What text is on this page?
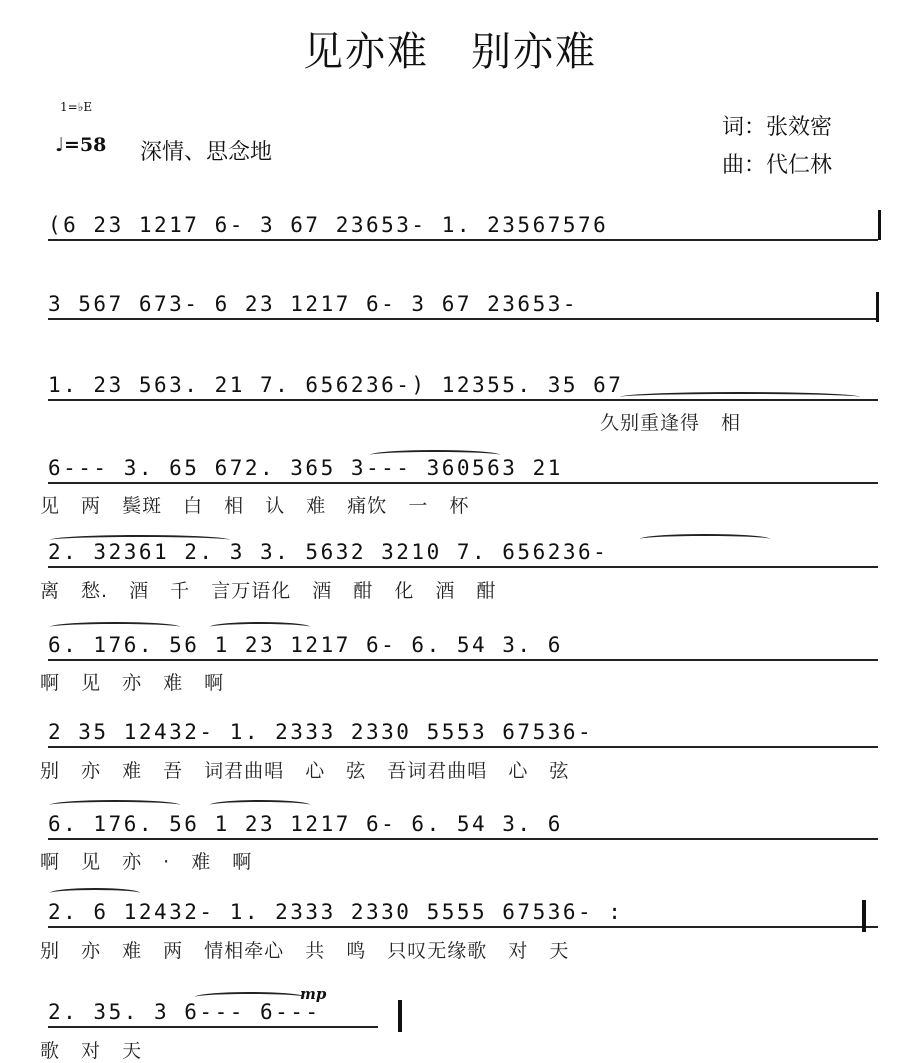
见亦难　别亦难
1=♭E
♩=58 深情、思念地
词：张效密
曲：代仁林
mp
(6 23 1217 6- 3 67 23653- 1. 23567576
3 567 673- 6 23 1217 6- 3 67 23653-
1. 23 563. 21 7. 656236-) 12355. 35 67
久别重逢得 相
6--- 3. 65 672. 365 3--- 360563 21
见 两 鬓斑 白 相 认 难 痛饮 一 杯
2. 32361 2. 3 3. 5632 3210 7. 656236-
离 愁. 酒 千 言万语化 酒 酣 化 酒 酣
6. 176. 56 1 23 1217 6- 6. 54 3. 6
啊 见 亦 难 啊
2 35 12432- 1. 2333 2330 5553 67536-
别 亦 难 吾 词君曲唱 心 弦 吾词君曲唱 心 弦
6. 176. 56 1 23 1217 6- 6. 54 3. 6
啊 见 亦 · 难 啊
2. 6 12432- 1. 2333 2330 5555 67536- :
别 亦 难 两 情相牵心 共 鸣 只叹无缘歌 对 天
2. 35. 3 6--- 6---
歌 对 天
